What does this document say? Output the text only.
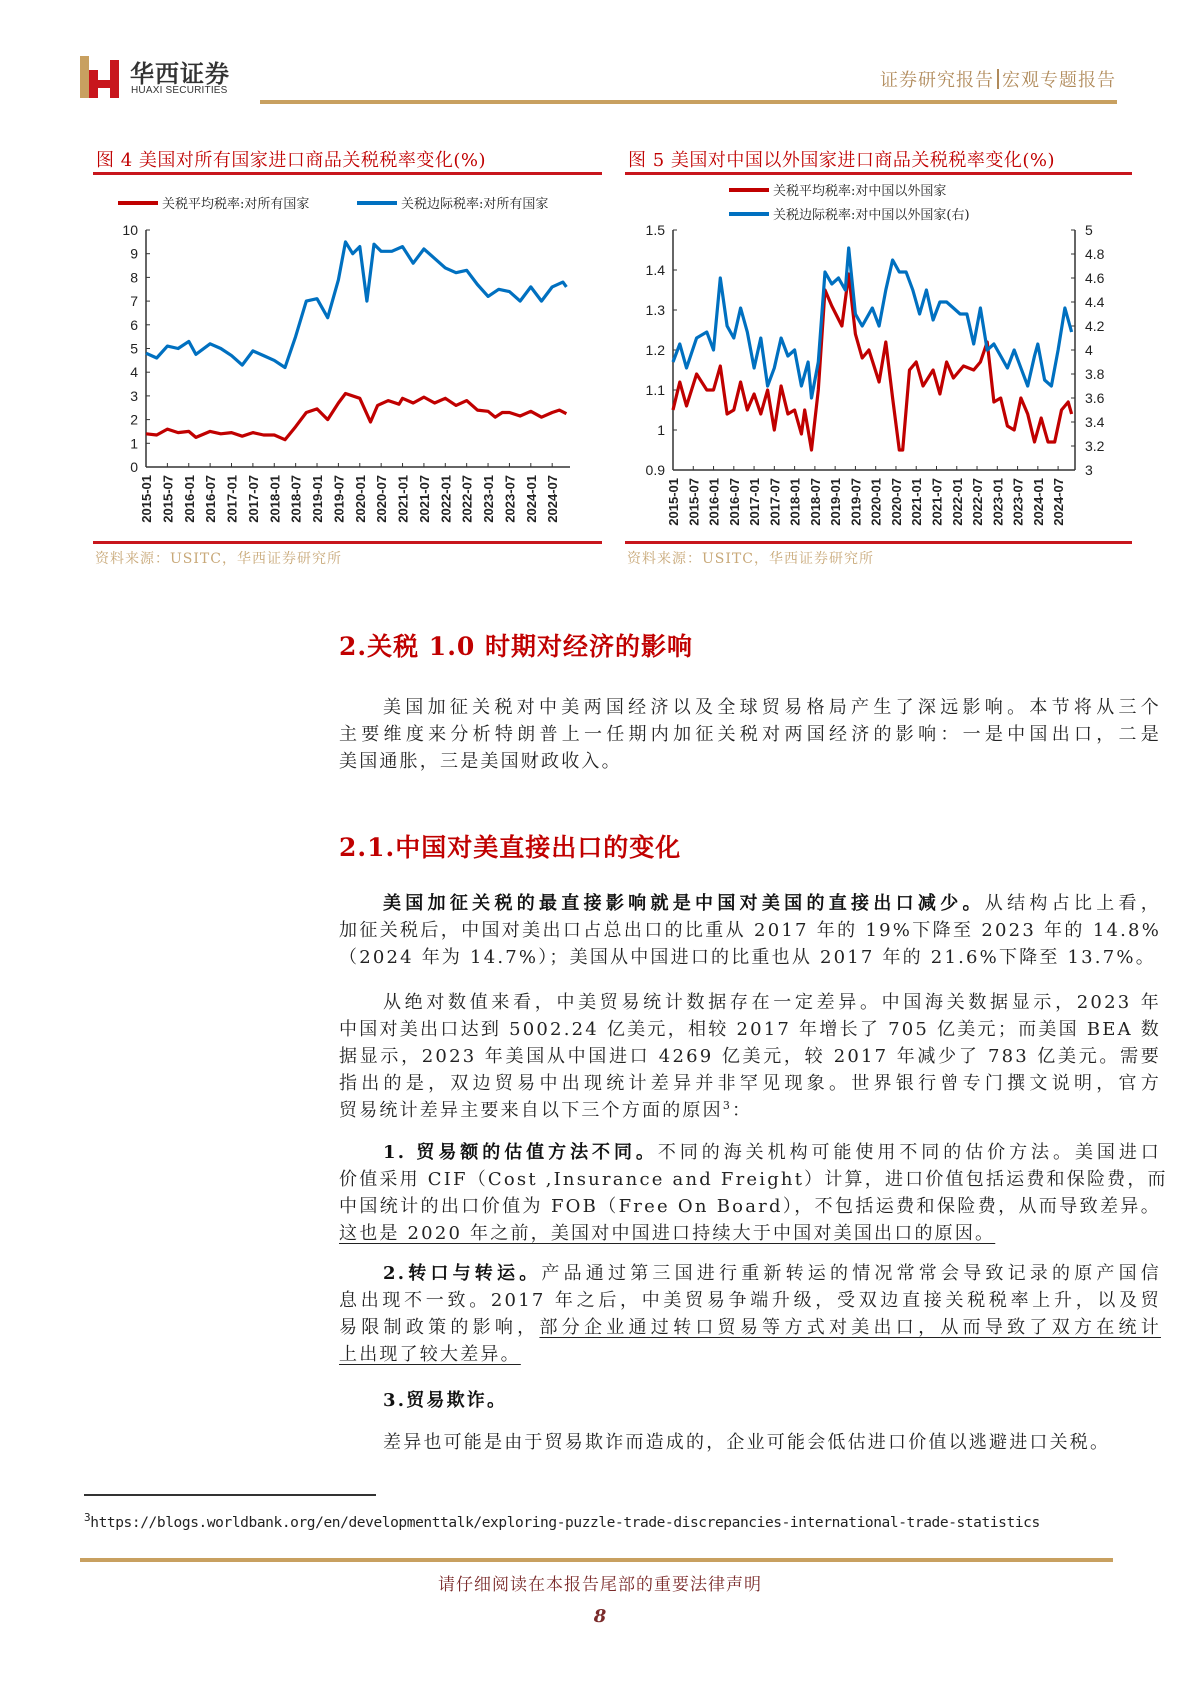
华西证券
HUAXI SECURITIES	证券研究报告 宏观专题报告
图 4 美国对所有国家进口商品关税税率变化(%)	图 5 美国对中国以外国家进口商品关税税率变化(%)
0
1
2
3
4
5
6
7
8
9
10
2015-01 2015-07 2016-01 2016-07 2017-01 2017-07 2018-01 2018-07 2019-01 2019-07 2020-01 2020-07 2021-01 2021-07 2022-01 2022-07 2023-01 2023-07 2024-01 2024-07
关税平均税率:对所有国家	关税边际税率:对所有国家
0.9
1
1.1
1.2
1.3
1.4
1.5
3
3.2
3.4
3.6
3.8
4
4.2
4.4
4.6
4.8
5
2015-01 2015-07 2016-01 2016-07 2017-01 2017-07 2018-01 2018-07 2019-01 2019-07 2020-01 2020-07 2021-01 2021-07 2022-01 2022-07 2023-01 2023-07 2024-01 2024-07
关税平均税率:对中国以外国家
关税边际税率:对中国以外国家(右)
资料来源：USITC，华西证券研究所	资料来源：USITC，华西证券研究所
2.关税 1.0 时期对经济的影响
美国加征关税对中美两国经济以及全球贸易格局产生了深远影响。本节将从三个
主要维度来分析特朗普上一任期内加征关税对两国经济的影响：一是中国出口，二是
美国通胀，三是美国财政收入。
2.1.中国对美直接出口的变化
美国加征关税的最直接影响就是中国对美国的直接出口减少。从结构占比上看，
加征关税后，中国对美出口占总出口的比重从 2017 年的 19%下降至 2023 年的 14.8%
（2024 年为 14.7%）；美国从中国进口的比重也从 2017 年的 21.6%下降至 13.7%。
从绝对数值来看，中美贸易统计数据存在一定差异。中国海关数据显示，2023 年
中国对美出口达到 5002.24 亿美元，相较 2017 年增长了 705 亿美元；而美国 BEA 数
据显示，2023 年美国从中国进口 4269 亿美元，较 2017 年减少了 783 亿美元。需要
指出的是，双边贸易中出现统计差异并非罕见现象。世界银行曾专门撰文说明，官方
贸易统计差异主要来自以下三个方面的原因$^3$：
1. 贸易额的估值方法不同。不同的海关机构可能使用不同的估价方法。美国进口
价值采用 CIF（Cost ,Insurance and Freight）计算，进口价值包括运费和保险费，而
中国统计的出口价值为 FOB（Free On Board），不包括运费和保险费，从而导致差异。
这也是 2020 年之前，美国对中国进口持续大于中国对美国出口的原因。
2.转口与转运。产品通过第三国进行重新转运的情况常常会导致记录的原产国信
息出现不一致。2017 年之后，中美贸易争端升级，受双边直接关税税率上升，以及贸
易限制政策的影响，部分企业通过转口贸易等方式对美出口，从而导致了双方在统计
上出现了较大差异。
3.贸易欺诈。
差异也可能是由于贸易欺诈而造成的，企业可能会低估进口价值以逃避进口关税。
$^3$https://blogs.worldbank.org/en/developmenttalk/exploring-puzzle-trade-discrepancies-international-trade-statistics
请仔细阅读在本报告尾部的重要法律声明
8
